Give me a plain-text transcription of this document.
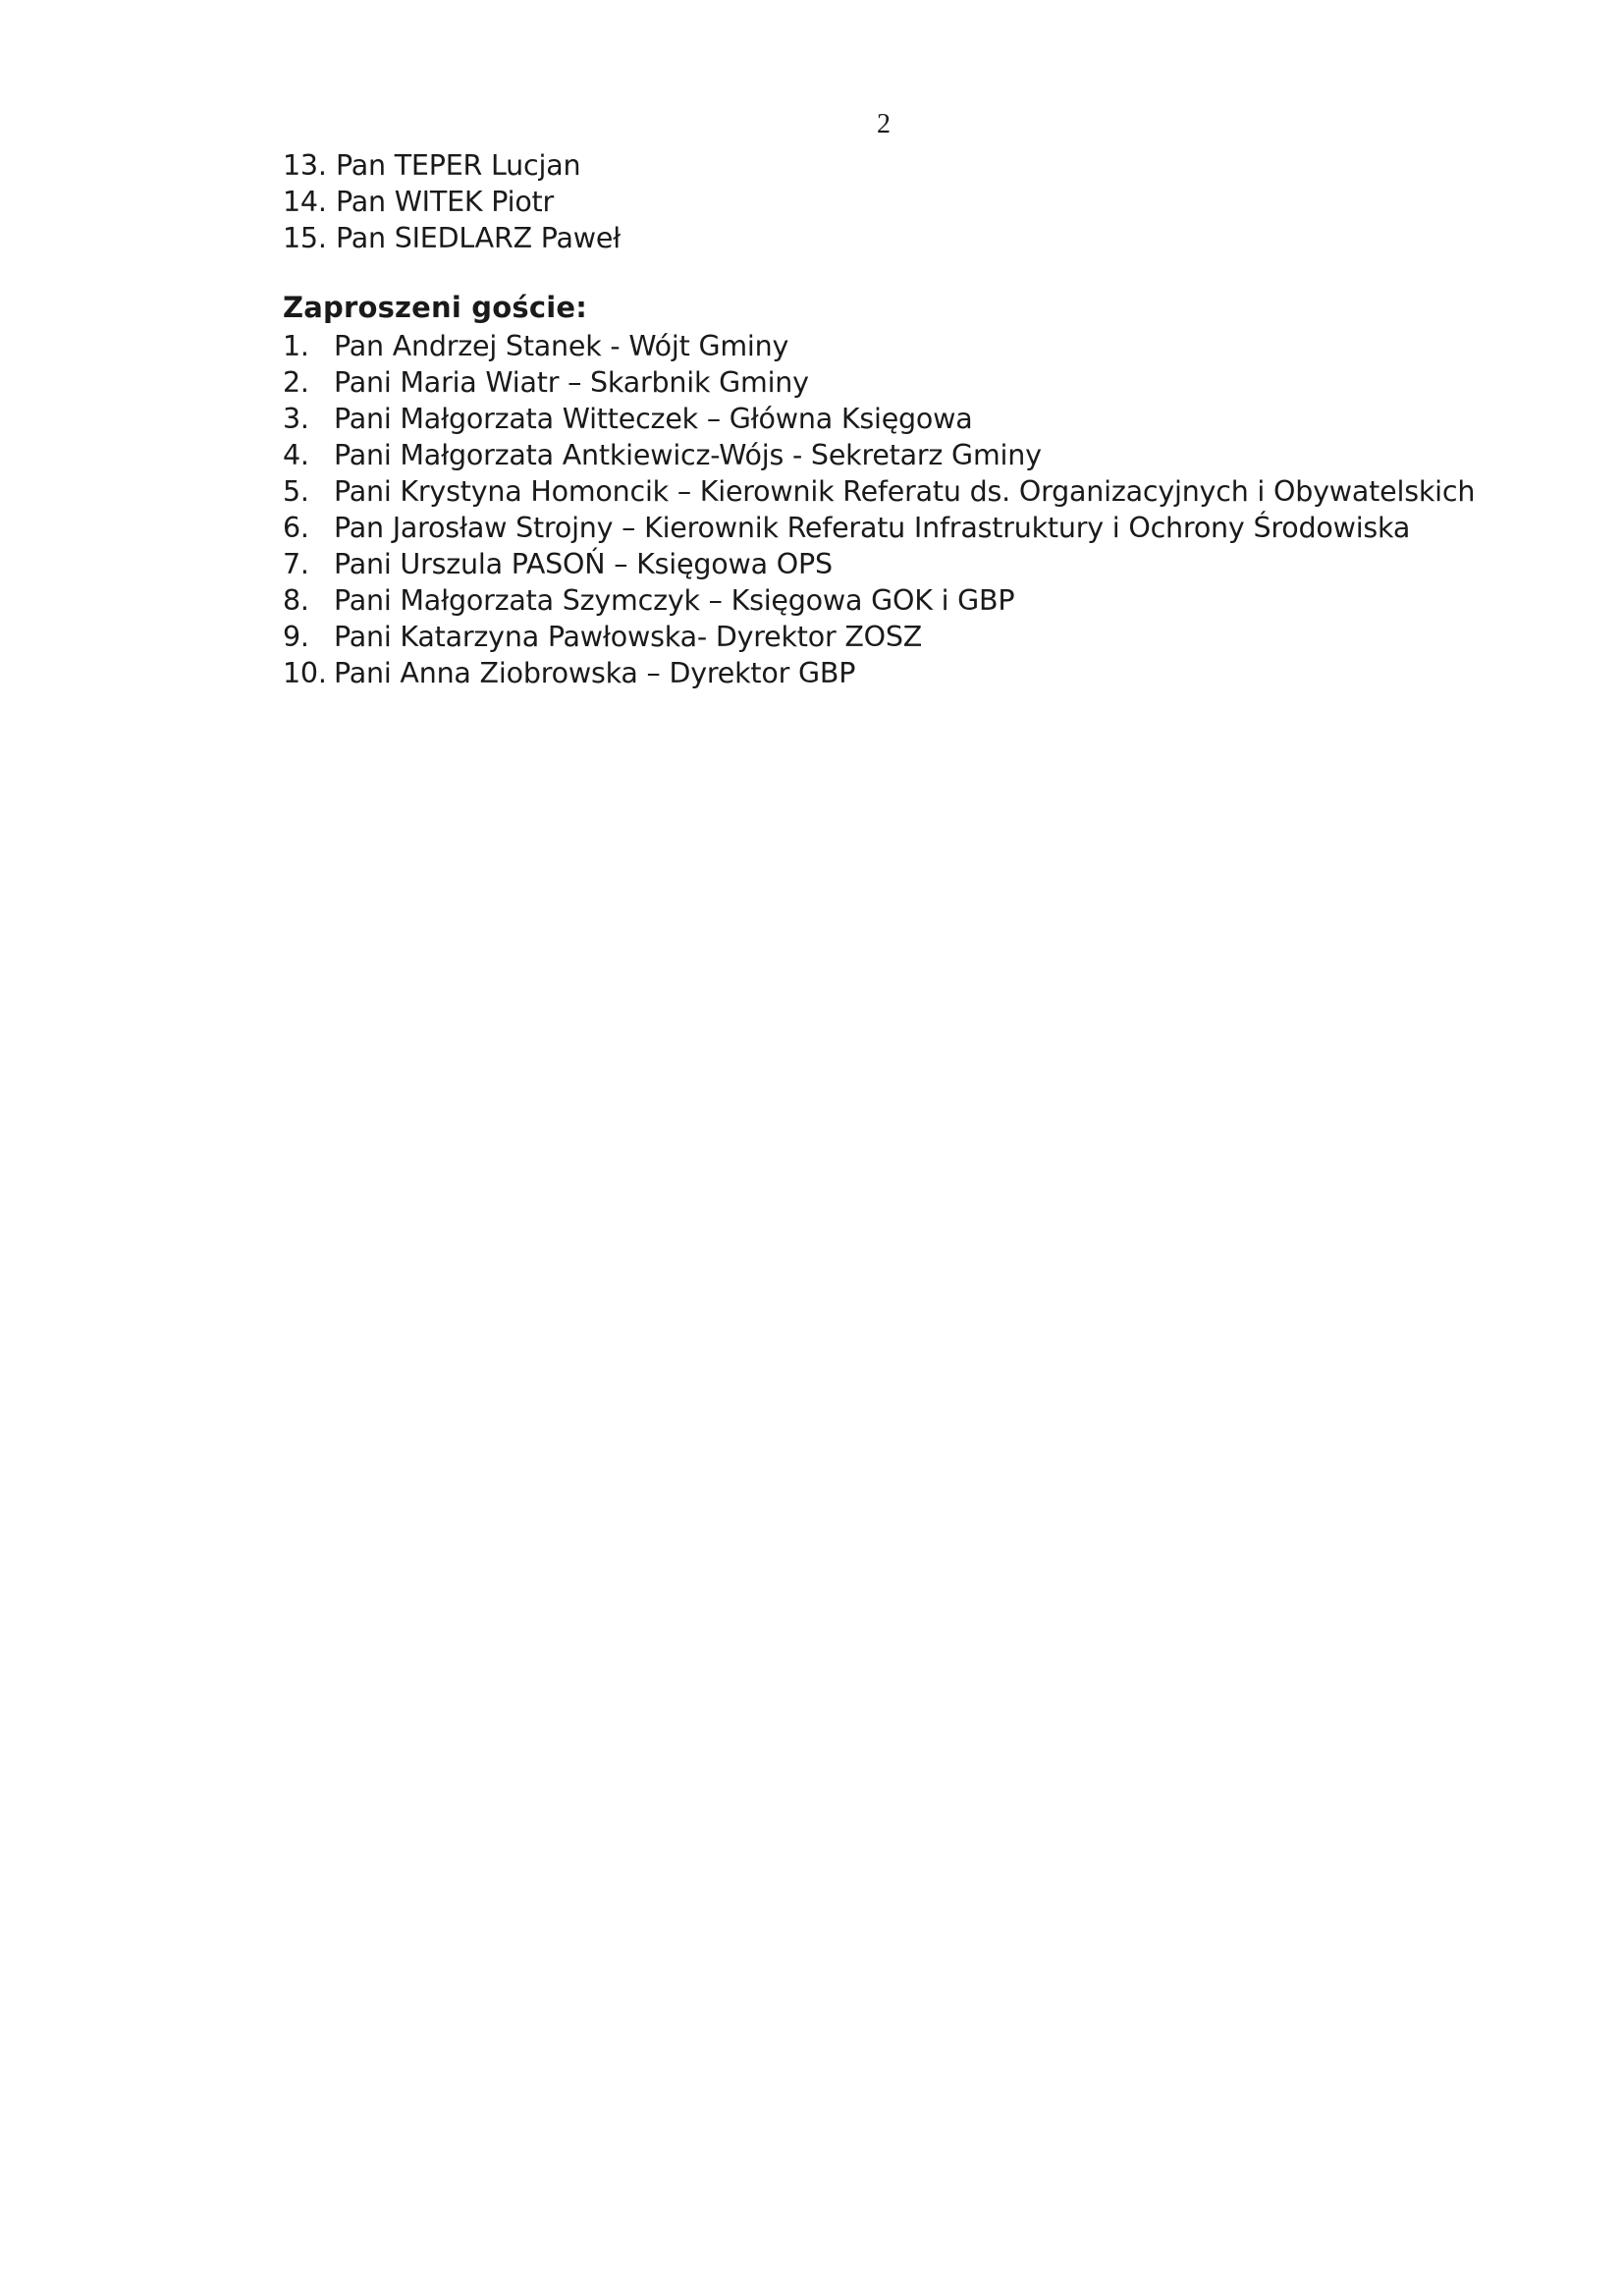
2
13. Pan TEPER Lucjan
14. Pan WITEK Piotr
15. Pan SIEDLARZ Paweł
Zaproszeni goście:
1. Pan Andrzej Stanek - Wójt Gminy
2. Pani Maria Wiatr – Skarbnik Gminy
3. Pani Małgorzata Witteczek – Główna Księgowa
4. Pani Małgorzata Antkiewicz-Wójs - Sekretarz Gminy
5. Pani Krystyna Homoncik – Kierownik Referatu ds. Organizacyjnych i Obywatelskich
6. Pan Jarosław Strojny – Kierownik Referatu Infrastruktury i Ochrony Środowiska
7. Pani Urszula PASOŃ – Księgowa OPS
8. Pani Małgorzata Szymczyk – Księgowa GOK i GBP
9. Pani Katarzyna Pawłowska- Dyrektor ZOSZ
10. Pani Anna Ziobrowska – Dyrektor GBP
